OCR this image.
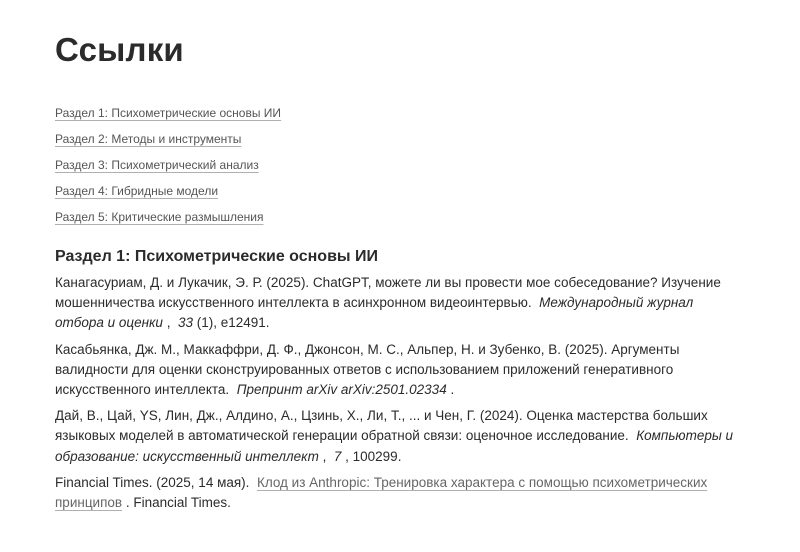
Ссылки
Раздел 1: Психометрические основы ИИ
Раздел 2: Методы и инструменты
Раздел 3: Психометрический анализ
Раздел 4: Гибридные модели
Раздел 5: Критические размышления
Раздел 1: Психометрические основы ИИ

Канагасуриам, Д. и Лукачик, Э. Р. (2025). ChatGPT, можете ли вы провести мое собеседование? Изучение мошенничества искусственного интеллекта в асинхронном видеоинтервью. Международный журнал отбора и оценки , 33 (1), e12491.

Касабьянка, Дж. М., Маккаффри, Д. Ф., Джонсон, М. С., Альпер, Н. и Зубенко, В. (2025). Аргументы валидности для оценки сконструированных ответов с использованием приложений генеративного искусственного интеллекта. Препринт arXiv arXiv:2501.02334 .

Дай, В., Цай, YS, Лин, Дж., Алдино, А., Цзинь, Х., Ли, Т., ... и Чен, Г. (2024). Оценка мастерства больших языковых моделей в автоматической генерации обратной связи: оценочное исследование. Компьютеры и образование: искусственный интеллект , 7 , 100299.

Financial Times. (2025, 14 мая). Клод из Anthropic: Тренировка характера с помощью психометрических принципов . Financial Times.
